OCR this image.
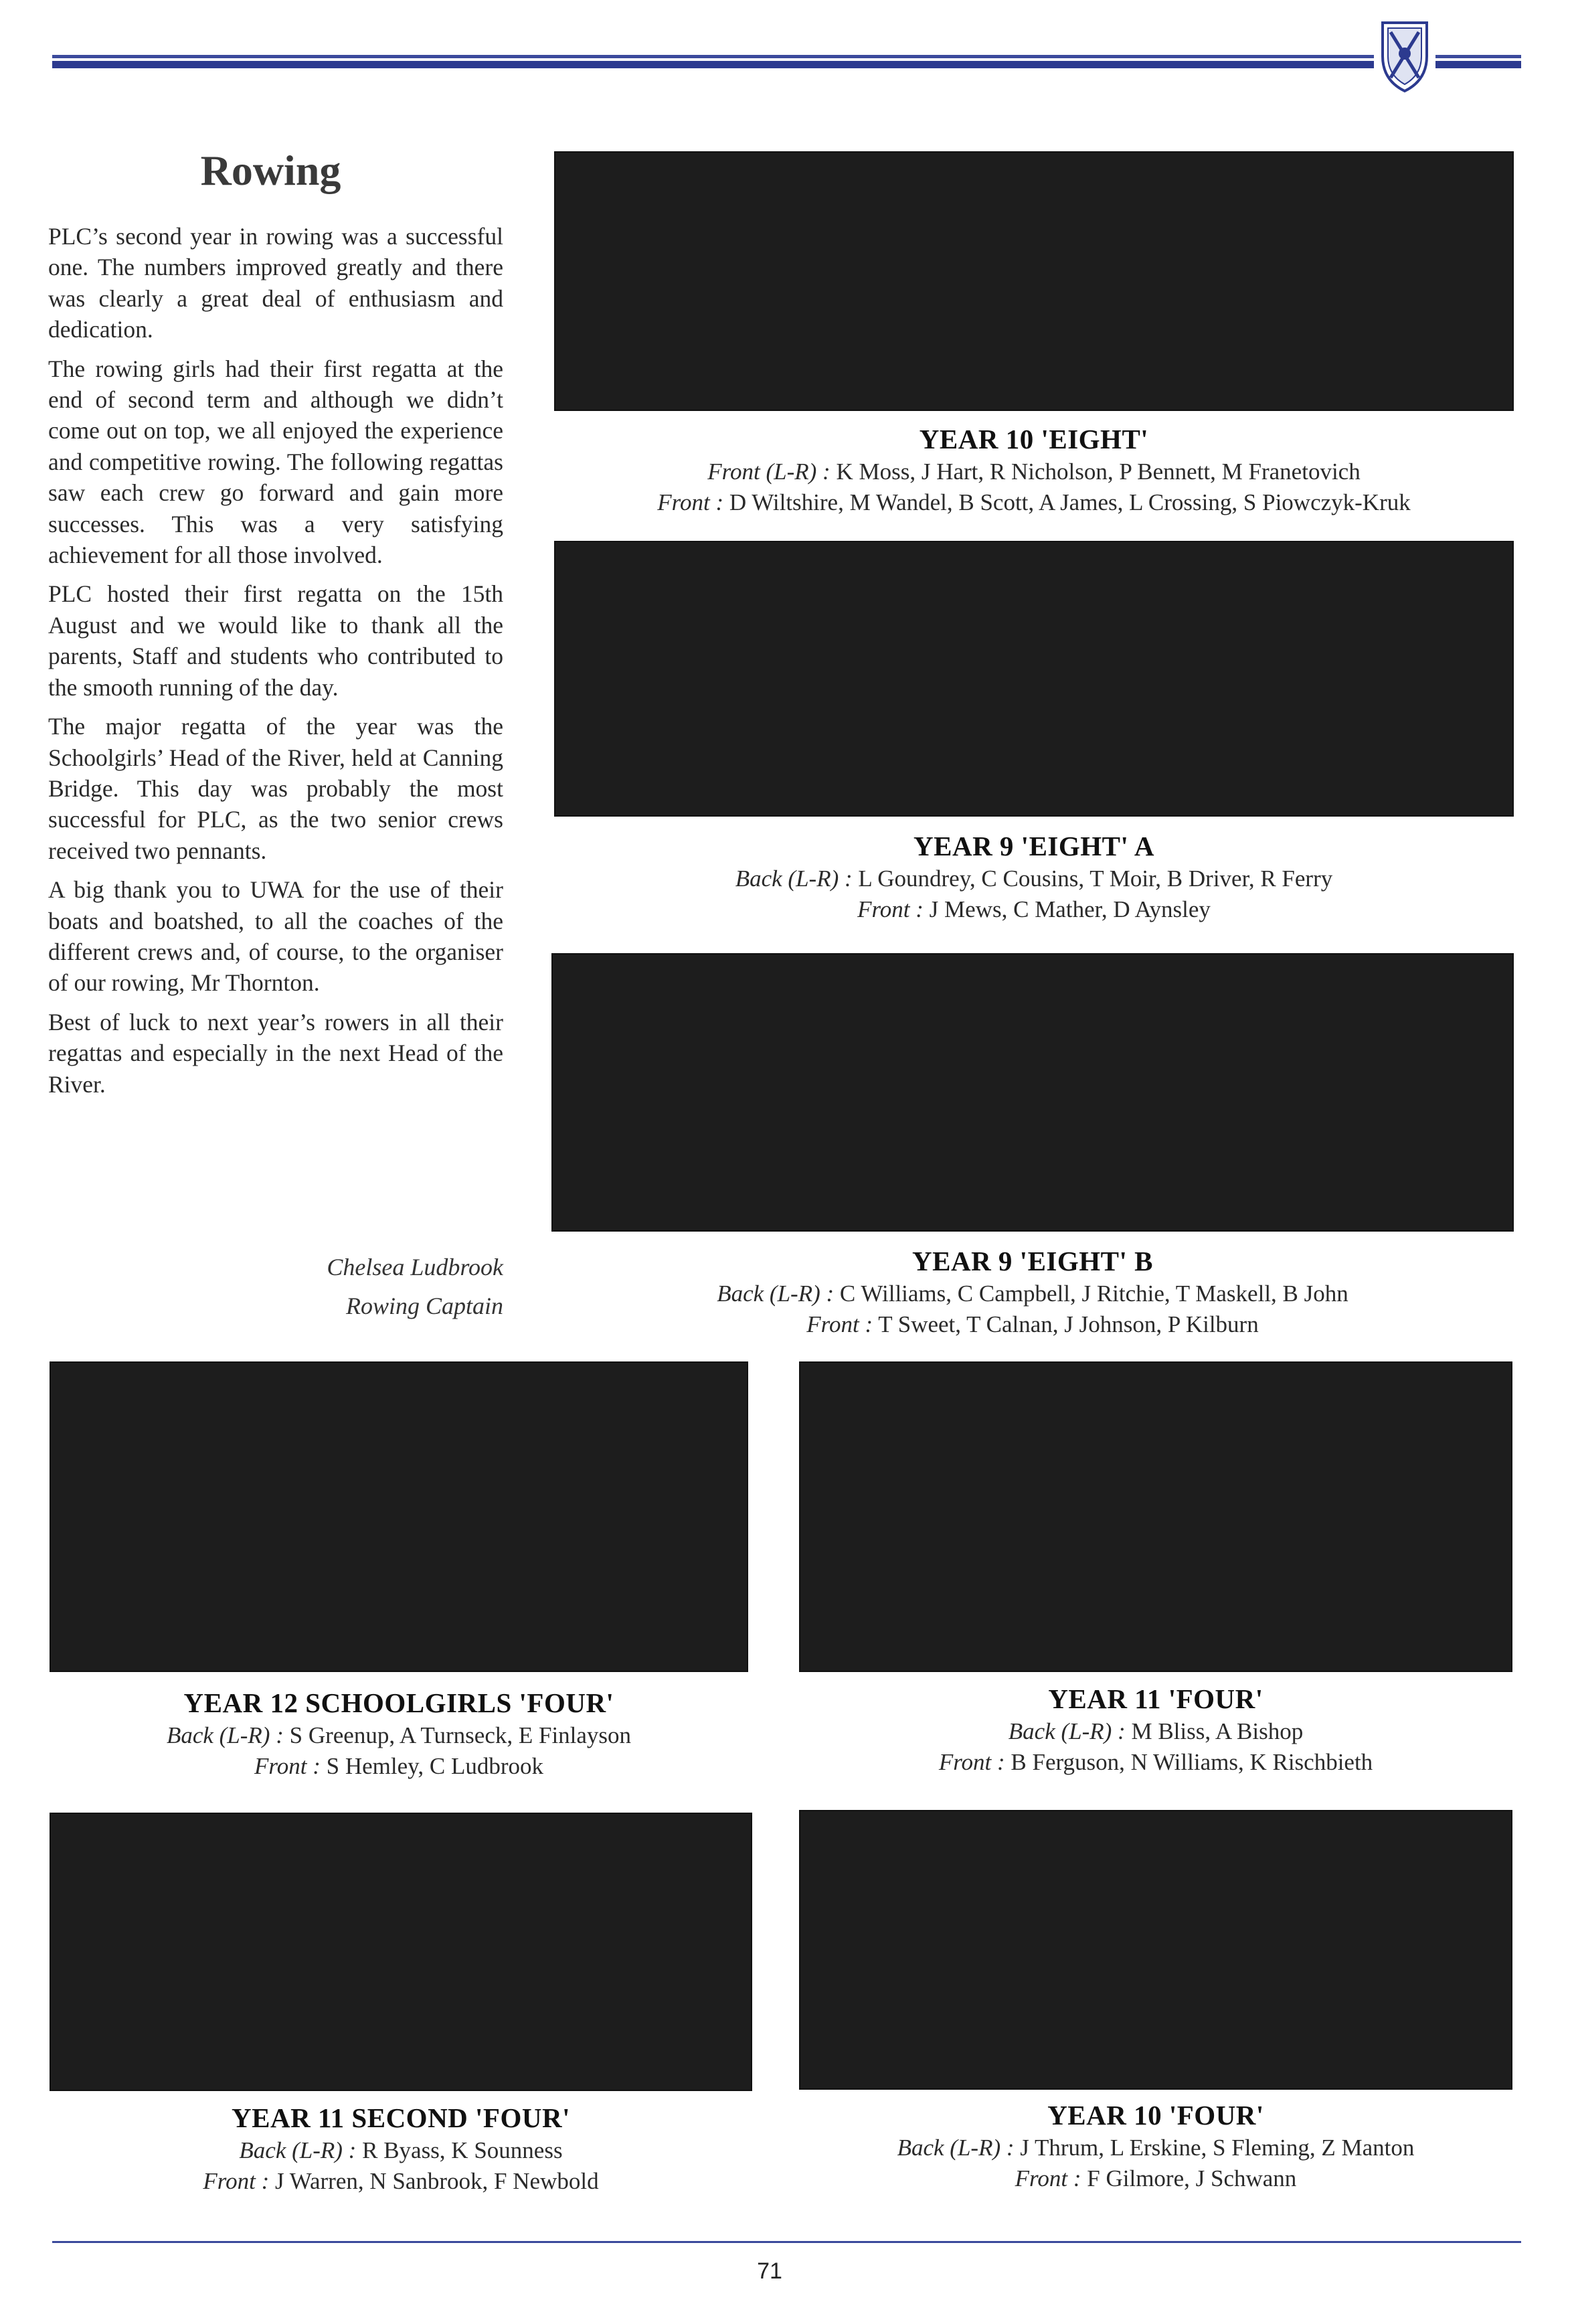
Rowing

PLC’s second year in rowing was a successful one. The numbers improved greatly and there was clearly a great deal of enthusiasm and dedication.

The rowing girls had their first regatta at the end of second term and although we didn’t come out on top, we all enjoyed the experience and competitive rowing. The following regattas saw each crew go forward and gain more successes. This was a very satisfying achievement for all those involved.

PLC hosted their first regatta on the 15th August and we would like to thank all the parents, Staff and students who contributed to the smooth running of the day.

The major regatta of the year was the Schoolgirls’ Head of the River, held at Canning Bridge. This day was probably the most successful for PLC, as the two senior crews received two pennants.

A big thank you to UWA for the use of their boats and boatshed, to all the coaches of the different crews and, of course, to the organiser of our rowing, Mr Thornton.

Best of luck to next year’s rowers in all their regattas and especially in the next Head of the River.

Chelsea Ludbrook
Rowing Captain
YEAR 10 'EIGHT'
Front (L-R) : K Moss, J Hart, R Nicholson, P Bennett, M Franetovich
Front : D Wiltshire, M Wandel, B Scott, A James, L Crossing, S Piowczyk-Kruk
YEAR 9 'EIGHT' A
Back (L-R) : L Goundrey, C Cousins, T Moir, B Driver, R Ferry
Front : J Mews, C Mather, D Aynsley
YEAR 9 'EIGHT' B
Back (L-R) : C Williams, C Campbell, J Ritchie, T Maskell, B John
Front : T Sweet, T Calnan, J Johnson, P Kilburn
YEAR 12 SCHOOLGIRLS 'FOUR'
Back (L-R) : S Greenup, A Turnseck, E Finlayson
Front : S Hemley, C Ludbrook
YEAR 11 'FOUR'
Back (L-R) : M Bliss, A Bishop
Front : B Ferguson, N Williams, K Rischbieth
YEAR 11 SECOND 'FOUR'
Back (L-R) : R Byass, K Sounness
Front : J Warren, N Sanbrook, F Newbold
YEAR 10 'FOUR'
Back (L-R) : J Thrum, L Erskine, S Fleming, Z Manton
Front : F Gilmore, J Schwann
71
